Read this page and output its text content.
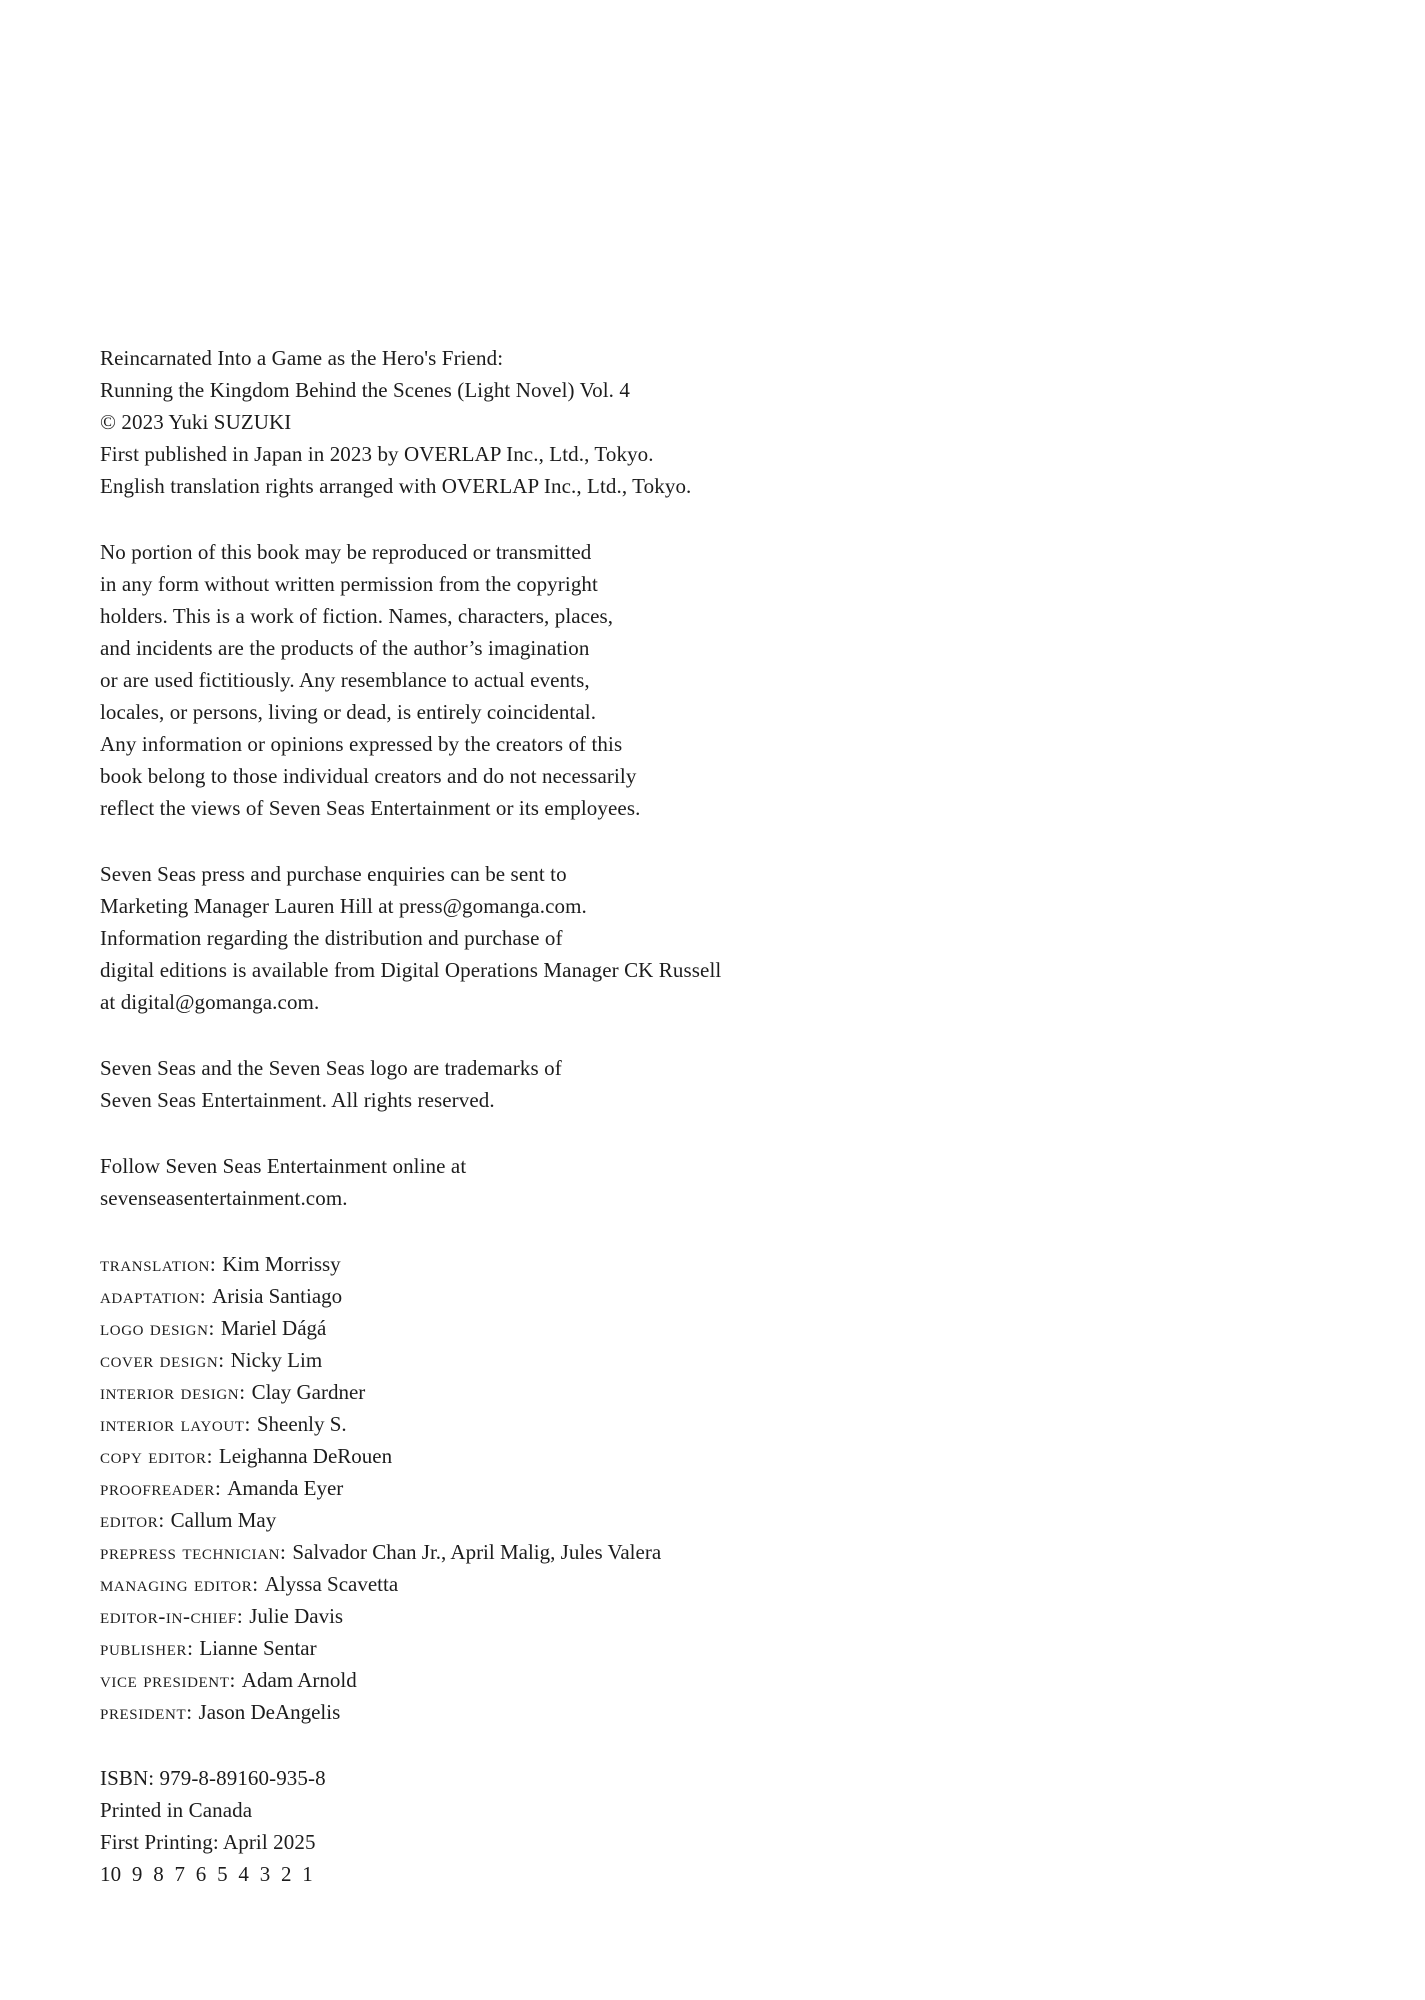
Reincarnated Into a Game as the Hero's Friend:
Running the Kingdom Behind the Scenes (Light Novel) Vol. 4
© 2023 Yuki SUZUKI
First published in Japan in 2023 by OVERLAP Inc., Ltd., Tokyo.
English translation rights arranged with OVERLAP Inc., Ltd., Tokyo.
No portion of this book may be reproduced or transmitted
in any form without written permission from the copyright
holders. This is a work of fiction. Names, characters, places,
and incidents are the products of the author’s imagination
or are used fictitiously. Any resemblance to actual events,
locales, or persons, living or dead, is entirely coincidental.
Any information or opinions expressed by the creators of this
book belong to those individual creators and do not necessarily
reflect the views of Seven Seas Entertainment or its employees.
Seven Seas press and purchase enquiries can be sent to
Marketing Manager Lauren Hill at press@gomanga.com.
Information regarding the distribution and purchase of
digital editions is available from Digital Operations Manager CK Russell
at digital@gomanga.com.
Seven Seas and the Seven Seas logo are trademarks of
Seven Seas Entertainment. All rights reserved.
Follow Seven Seas Entertainment online at
sevenseasentertainment.com.
translation: Kim Morrissy
adaptation: Arisia Santiago
logo design: Mariel Dágá
cover design: Nicky Lim
interior design: Clay Gardner
interior layout: Sheenly S.
copy editor: Leighanna DeRouen
proofreader: Amanda Eyer
editor: Callum May
prepress technician: Salvador Chan Jr., April Malig, Jules Valera
managing editor: Alyssa Scavetta
editor-in-chief: Julie Davis
publisher: Lianne Sentar
vice president: Adam Arnold
president: Jason DeAngelis
ISBN: 979-8-89160-935-8
Printed in Canada
First Printing: April 2025
10  9  8  7  6  5  4  3  2  1
